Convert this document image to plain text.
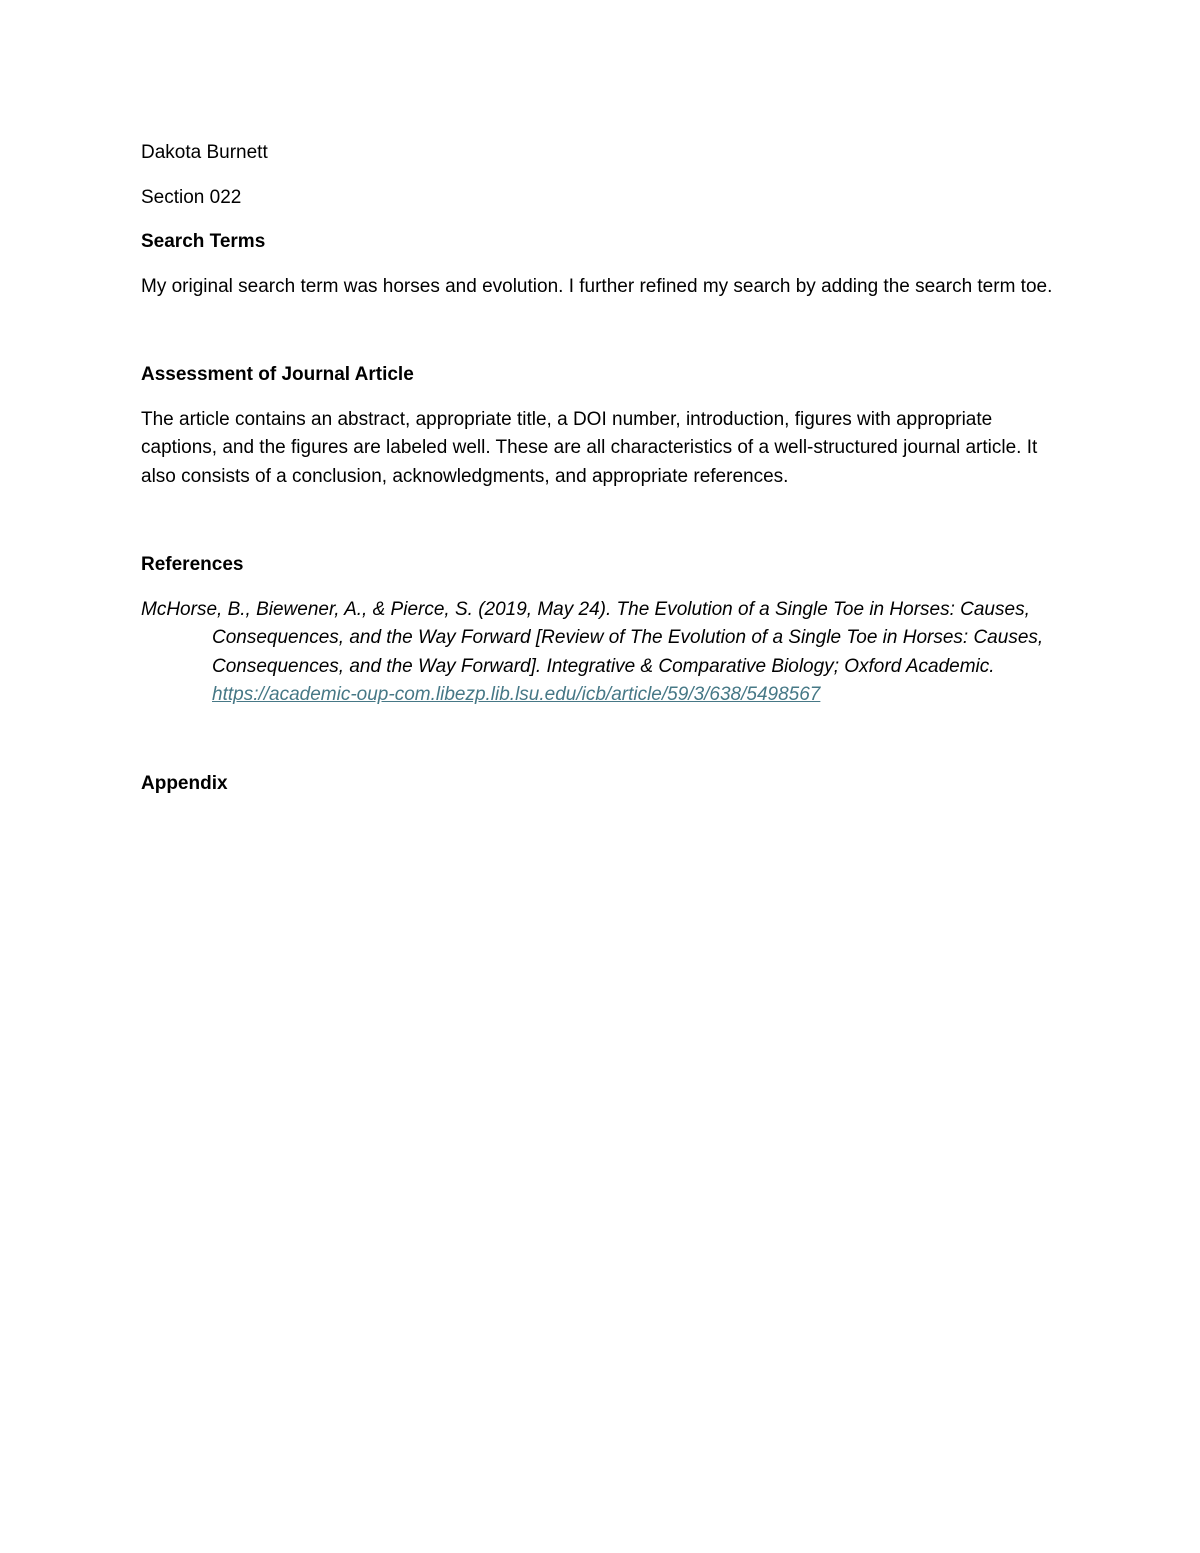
Dakota Burnett

Section 022

Search Terms

My original search term was horses and evolution. I further refined my search by adding the search term toe.

Assessment of Journal Article

The article contains an abstract, appropriate title, a DOI number, introduction, figures with appropriate captions, and the figures are labeled well. These are all characteristics of a well-structured journal article. It also consists of a conclusion, acknowledgments, and appropriate references.

References

McHorse, B., Biewener, A., & Pierce, S. (2019, May 24). The Evolution of a Single Toe in Horses: Causes, Consequences, and the Way Forward [Review of The Evolution of a Single Toe in Horses: Causes, Consequences, and the Way Forward]. Integrative & Comparative Biology; Oxford Academic. https://academic-oup-com.libezp.lib.lsu.edu/icb/article/59/3/638/5498567

Appendix
